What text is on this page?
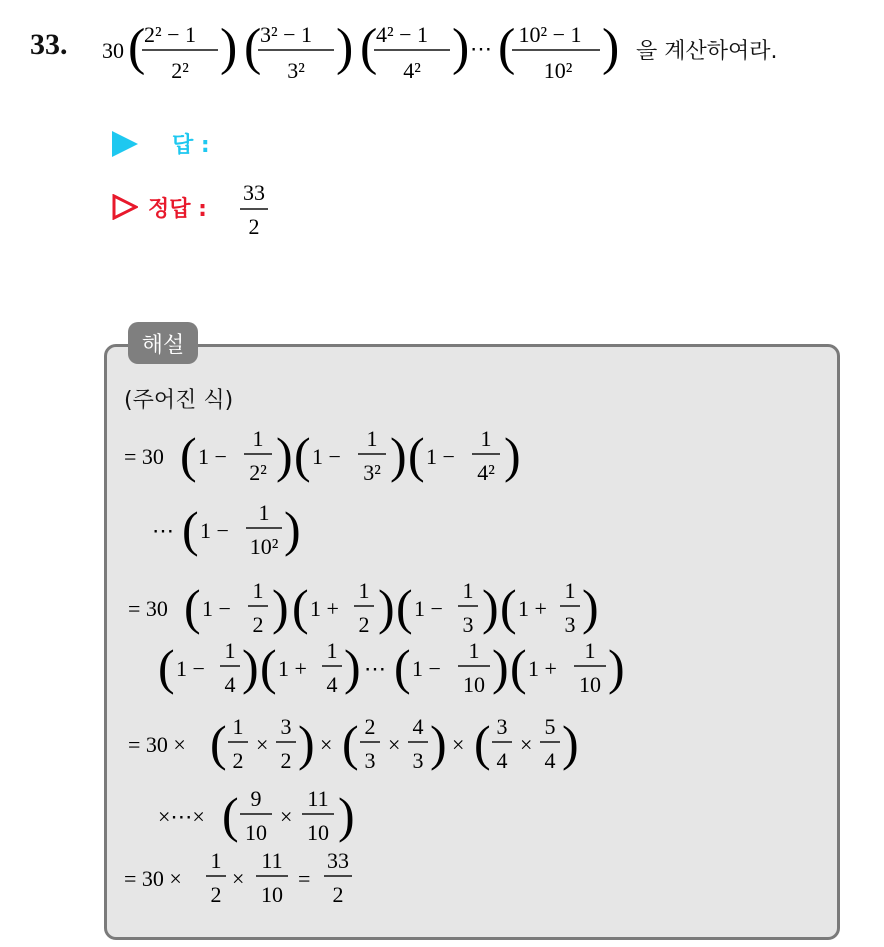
33. 30 (
2² − 1
2² ) (
3² − 1
3² ) (
4² − 1
4² ) ⋯ ( 10² − 1
10² ) 을 계산하여라.
답 :
정답 :
33
2
해설
(주어진 식)
= 30 ( 1 −
1
2² ) ( 1 −
1
3² ) ( 1 −
1
4² )
⋯ ( 1 −
1
10² )
= 30 ( 1 −
1
2 ) ( 1 +
1
2 ) ( 1 −
1
3 ) ( 1 +
1
3 )
( 1 −
1
4 ) ( 1 +
1
4 ) ⋯ ( 1 −
1
10 ) ( 1 +
1
10 )
= 30 × ( 1
2
×
3
2 ) × ( 2
3
×
4
3 ) × ( 3
4
×
5
4 )
×⋯× ( 9
10
×
11
10 )
= 30 ×
1
2
×
11
10
=
33
2
